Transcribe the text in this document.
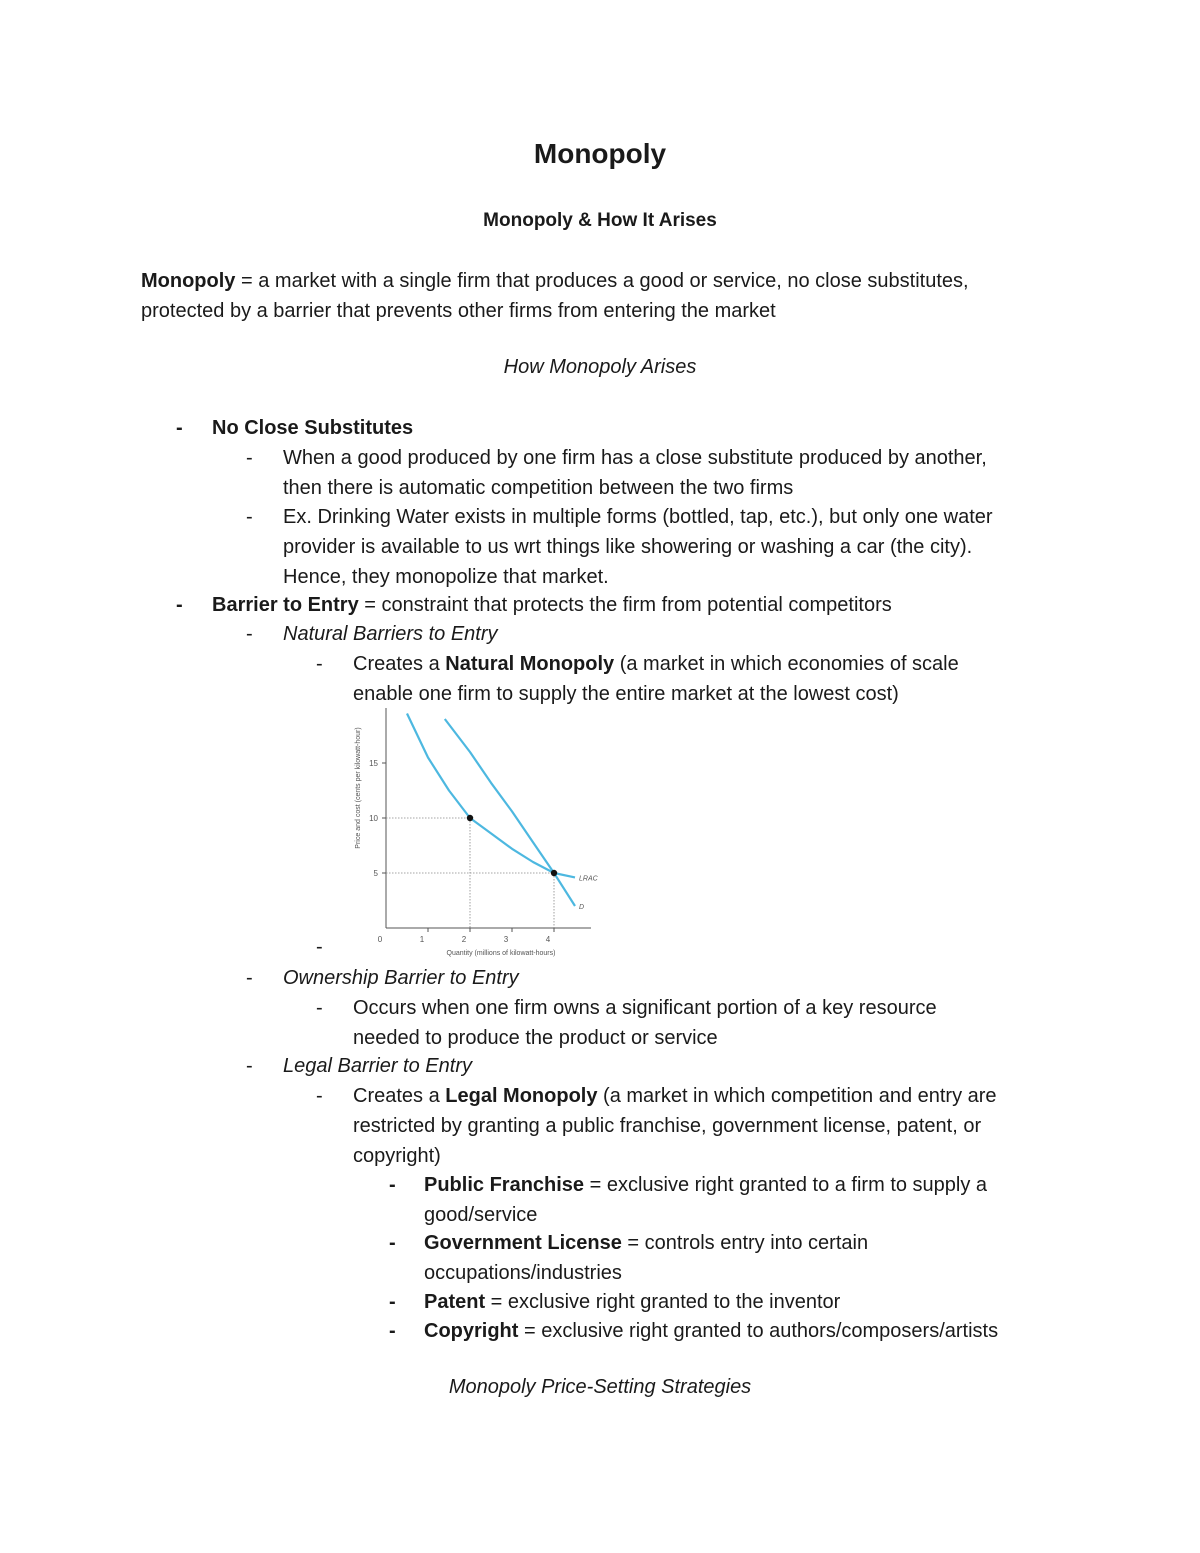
Monopoly
Monopoly & How It Arises
Monopoly = a market with a single firm that produces a good or service, no close substitutes,
protected by a barrier that prevents other firms from entering the market
How Monopoly Arises
- No Close Substitutes
- When a good produced by one firm has a close substitute produced by another,
then there is automatic competition between the two firms
- Ex. Drinking Water exists in multiple forms (bottled, tap, etc.), but only one water
provider is available to us wrt things like showering or washing a car (the city).
Hence, they monopolize that market.
- Barrier to Entry = constraint that protects the firm from potential competitors
- Natural Barriers to Entry
- Creates a Natural Monopoly (a market in which economies of scale
enable one firm to supply the entire market at the lowest cost)
0	1	2	3	4
5
10
15
Quantity (millions of kilowatt-hours)
Price and cost (cents per kilowatt-hour)
LRAC
D
-
- Ownership Barrier to Entry
- Occurs when one firm owns a significant portion of a key resource
needed to produce the product or service
- Legal Barrier to Entry
- Creates a Legal Monopoly (a market in which competition and entry are
restricted by granting a public franchise, government license, patent, or
copyright)
- Public Franchise = exclusive right granted to a firm to supply a
good/service
- Government License = controls entry into certain
occupations/industries
- Patent = exclusive right granted to the inventor
- Copyright = exclusive right granted to authors/composers/artists
Monopoly Price-Setting Strategies
